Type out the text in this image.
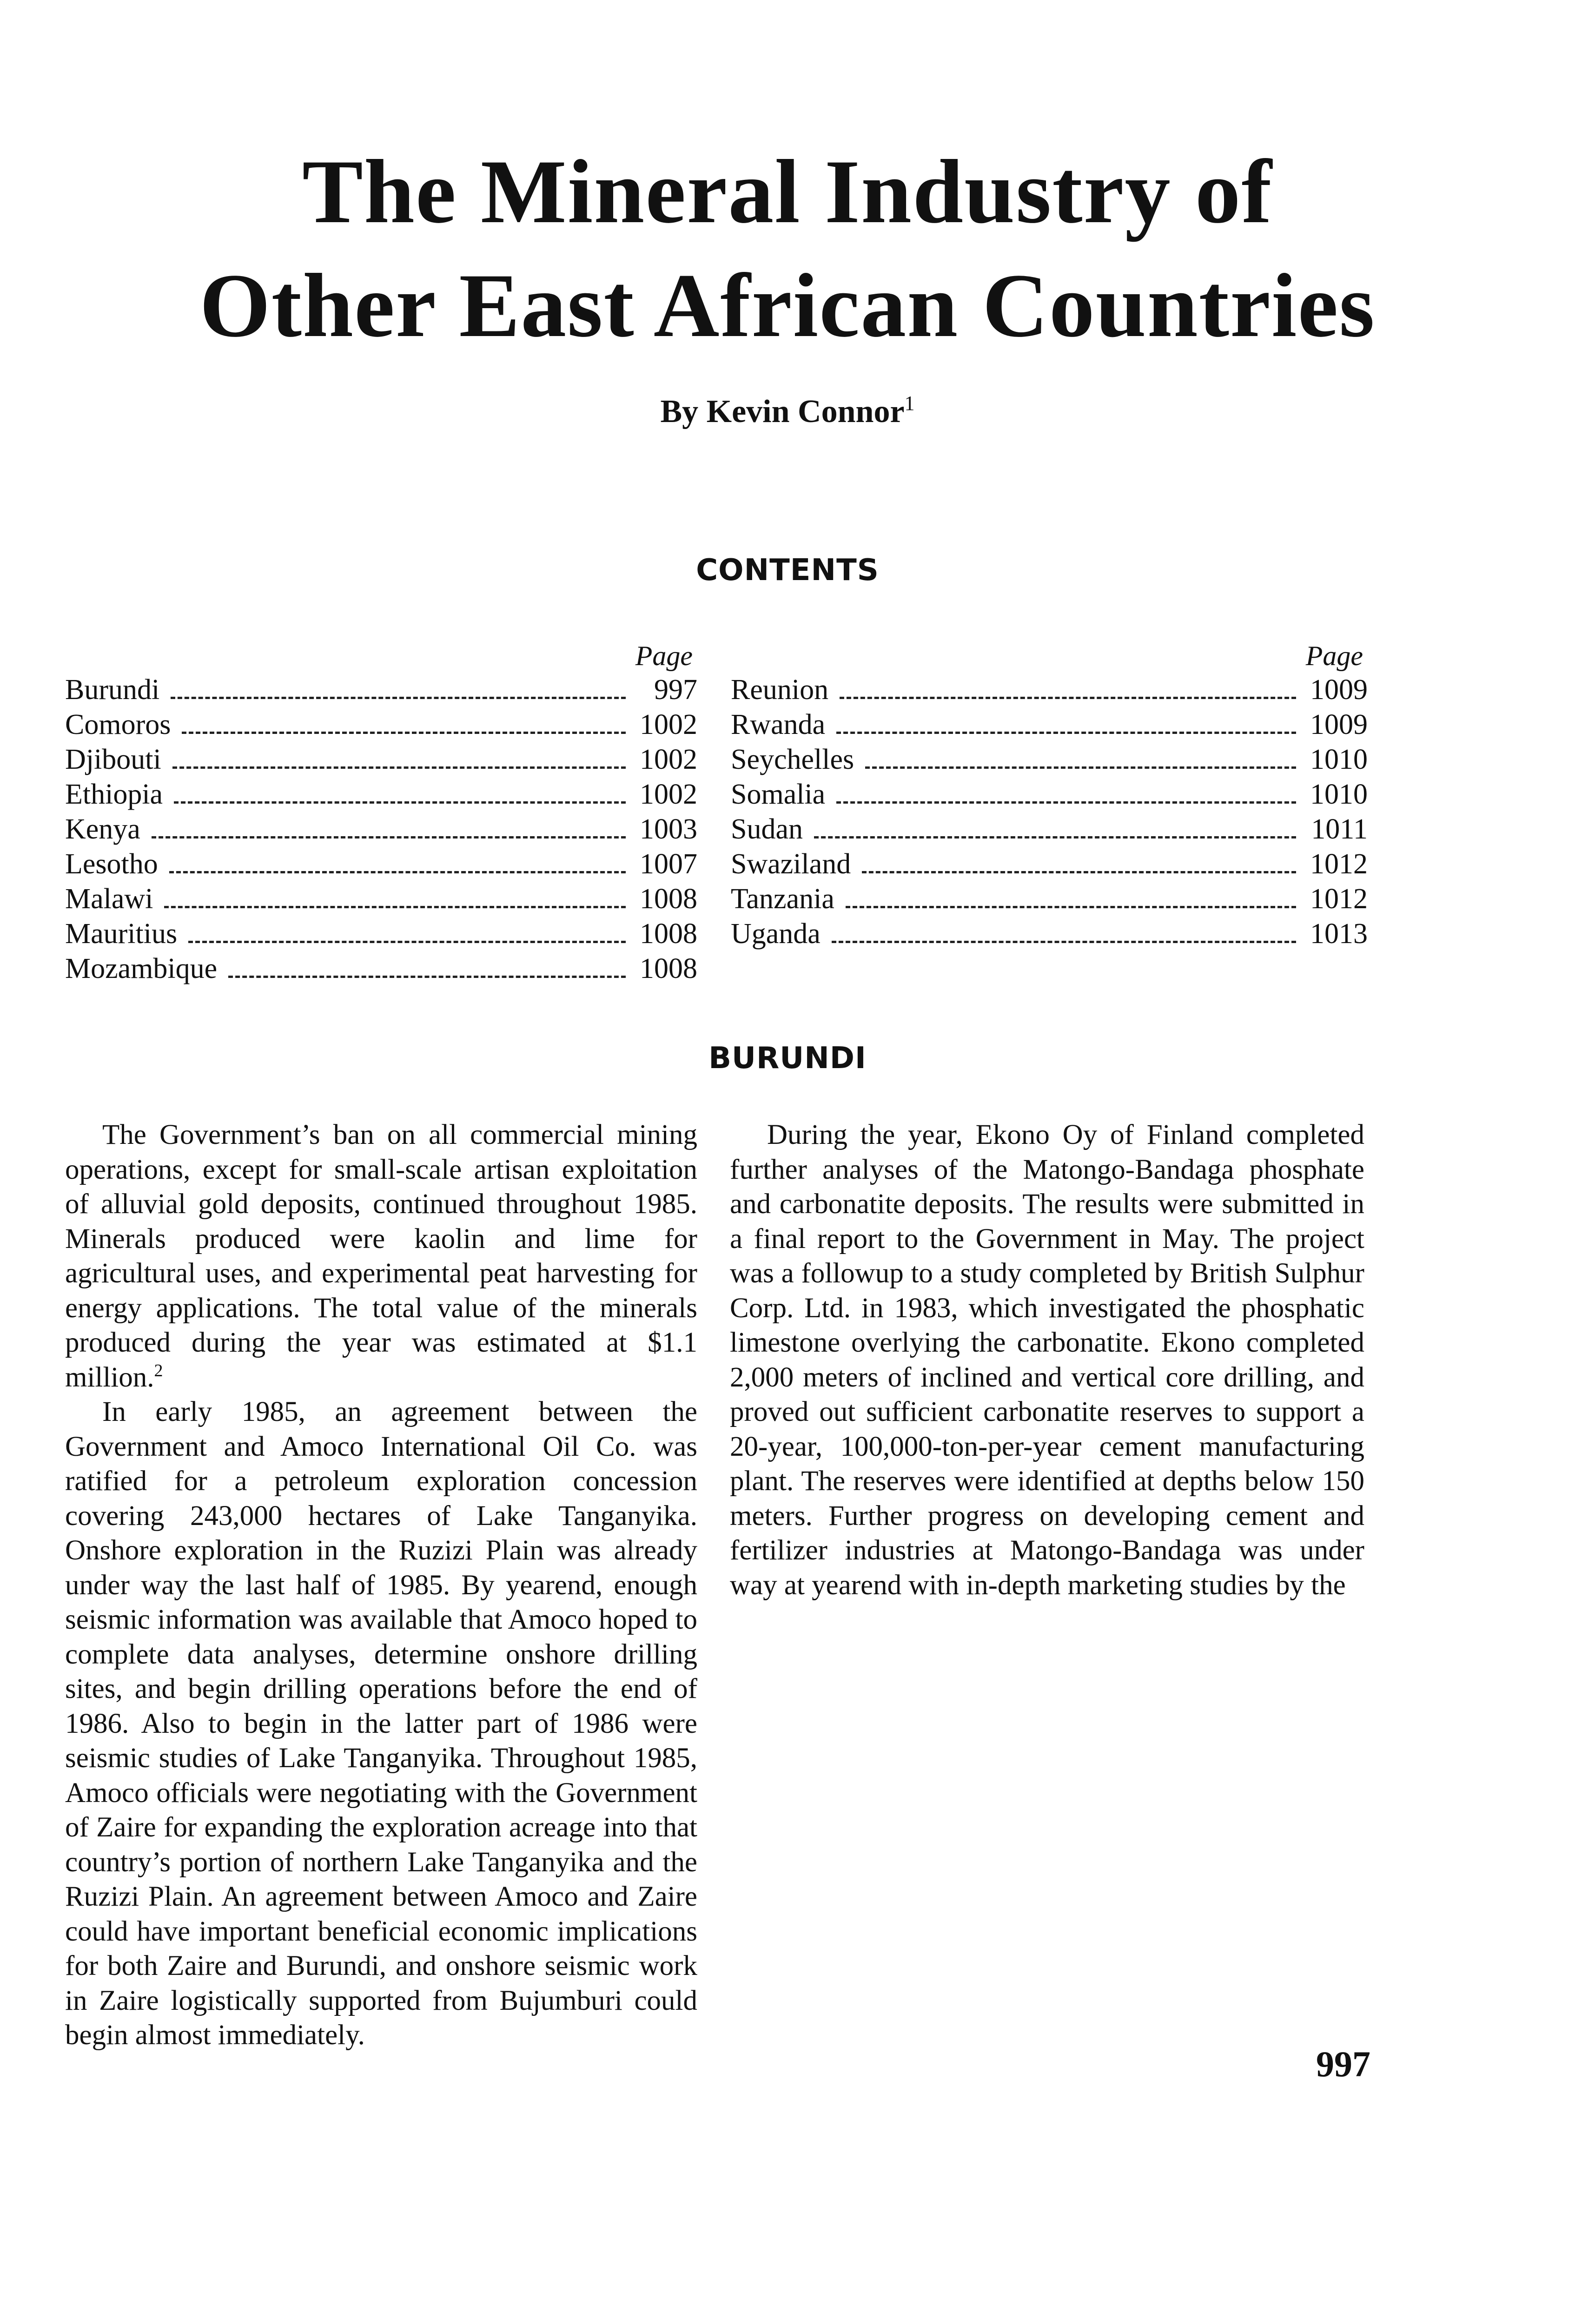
The Mineral Industry of
Other East African Countries
By Kevin Connor$^1$
CONTENTS
Page
Burundi	997
Comoros	1002
Djibouti	1002
Ethiopia	1002
Kenya	1003
Lesotho	1007
Malawi	1008
Mauritius	1008
Mozambique	1008
Page
Reunion	1009
Rwanda	1009
Seychelles	1010
Somalia	1010
Sudan	1011
Swaziland	1012
Tanzania	1012
Uganda	1013
BURUNDI

The Government’s ban on all commercial mining operations, except for small-scale artisan exploitation of alluvial gold deposits, continued throughout 1985. Minerals produced were kaolin and lime for agricultural uses, and experimental peat harvesting for energy applications. The total value of the minerals produced during the year was estimated at $1.1 million.$^2$

In early 1985, an agreement between the Government and Amoco International Oil Co. was ratified for a petroleum exploration concession covering 243,000 hectares of Lake Tanganyika. Onshore exploration in the Ruzizi Plain was already under way the last half of 1985. By yearend, enough seismic information was available that Amoco hoped to complete data analyses, determine onshore drilling sites, and begin drilling operations before the end of 1986. Also to begin in the latter part of 1986 were seismic studies of Lake Tanganyika. Throughout 1985, Amoco officials were negotiating with the Government of Zaire for expanding the exploration acreage into that country’s portion of northern Lake Tanganyika and the Ruzizi Plain. An agreement between Amoco and Zaire could have important beneficial economic implications for both Zaire and Burundi, and onshore seismic work in Zaire logistically supported from Bujumburi could begin almost immediately.

During the year, Ekono Oy of Finland completed further analyses of the Matongo-Bandaga phosphate and carbonatite deposits. The results were submitted in a final report to the Government in May. The project was a followup to a study completed by British Sulphur Corp. Ltd. in 1983, which investigated the phosphatic limestone overlying the carbonatite. Ekono completed 2,000 meters of inclined and vertical core drilling, and proved out sufficient carbonatite reserves to support a 20-year, 100,000-ton-per-year cement manufacturing plant. The reserves were identified at depths below 150 meters. Further progress on developing cement and fertilizer industries at Matongo-Bandaga was under way at yearend with in-depth marketing studies by the

997
